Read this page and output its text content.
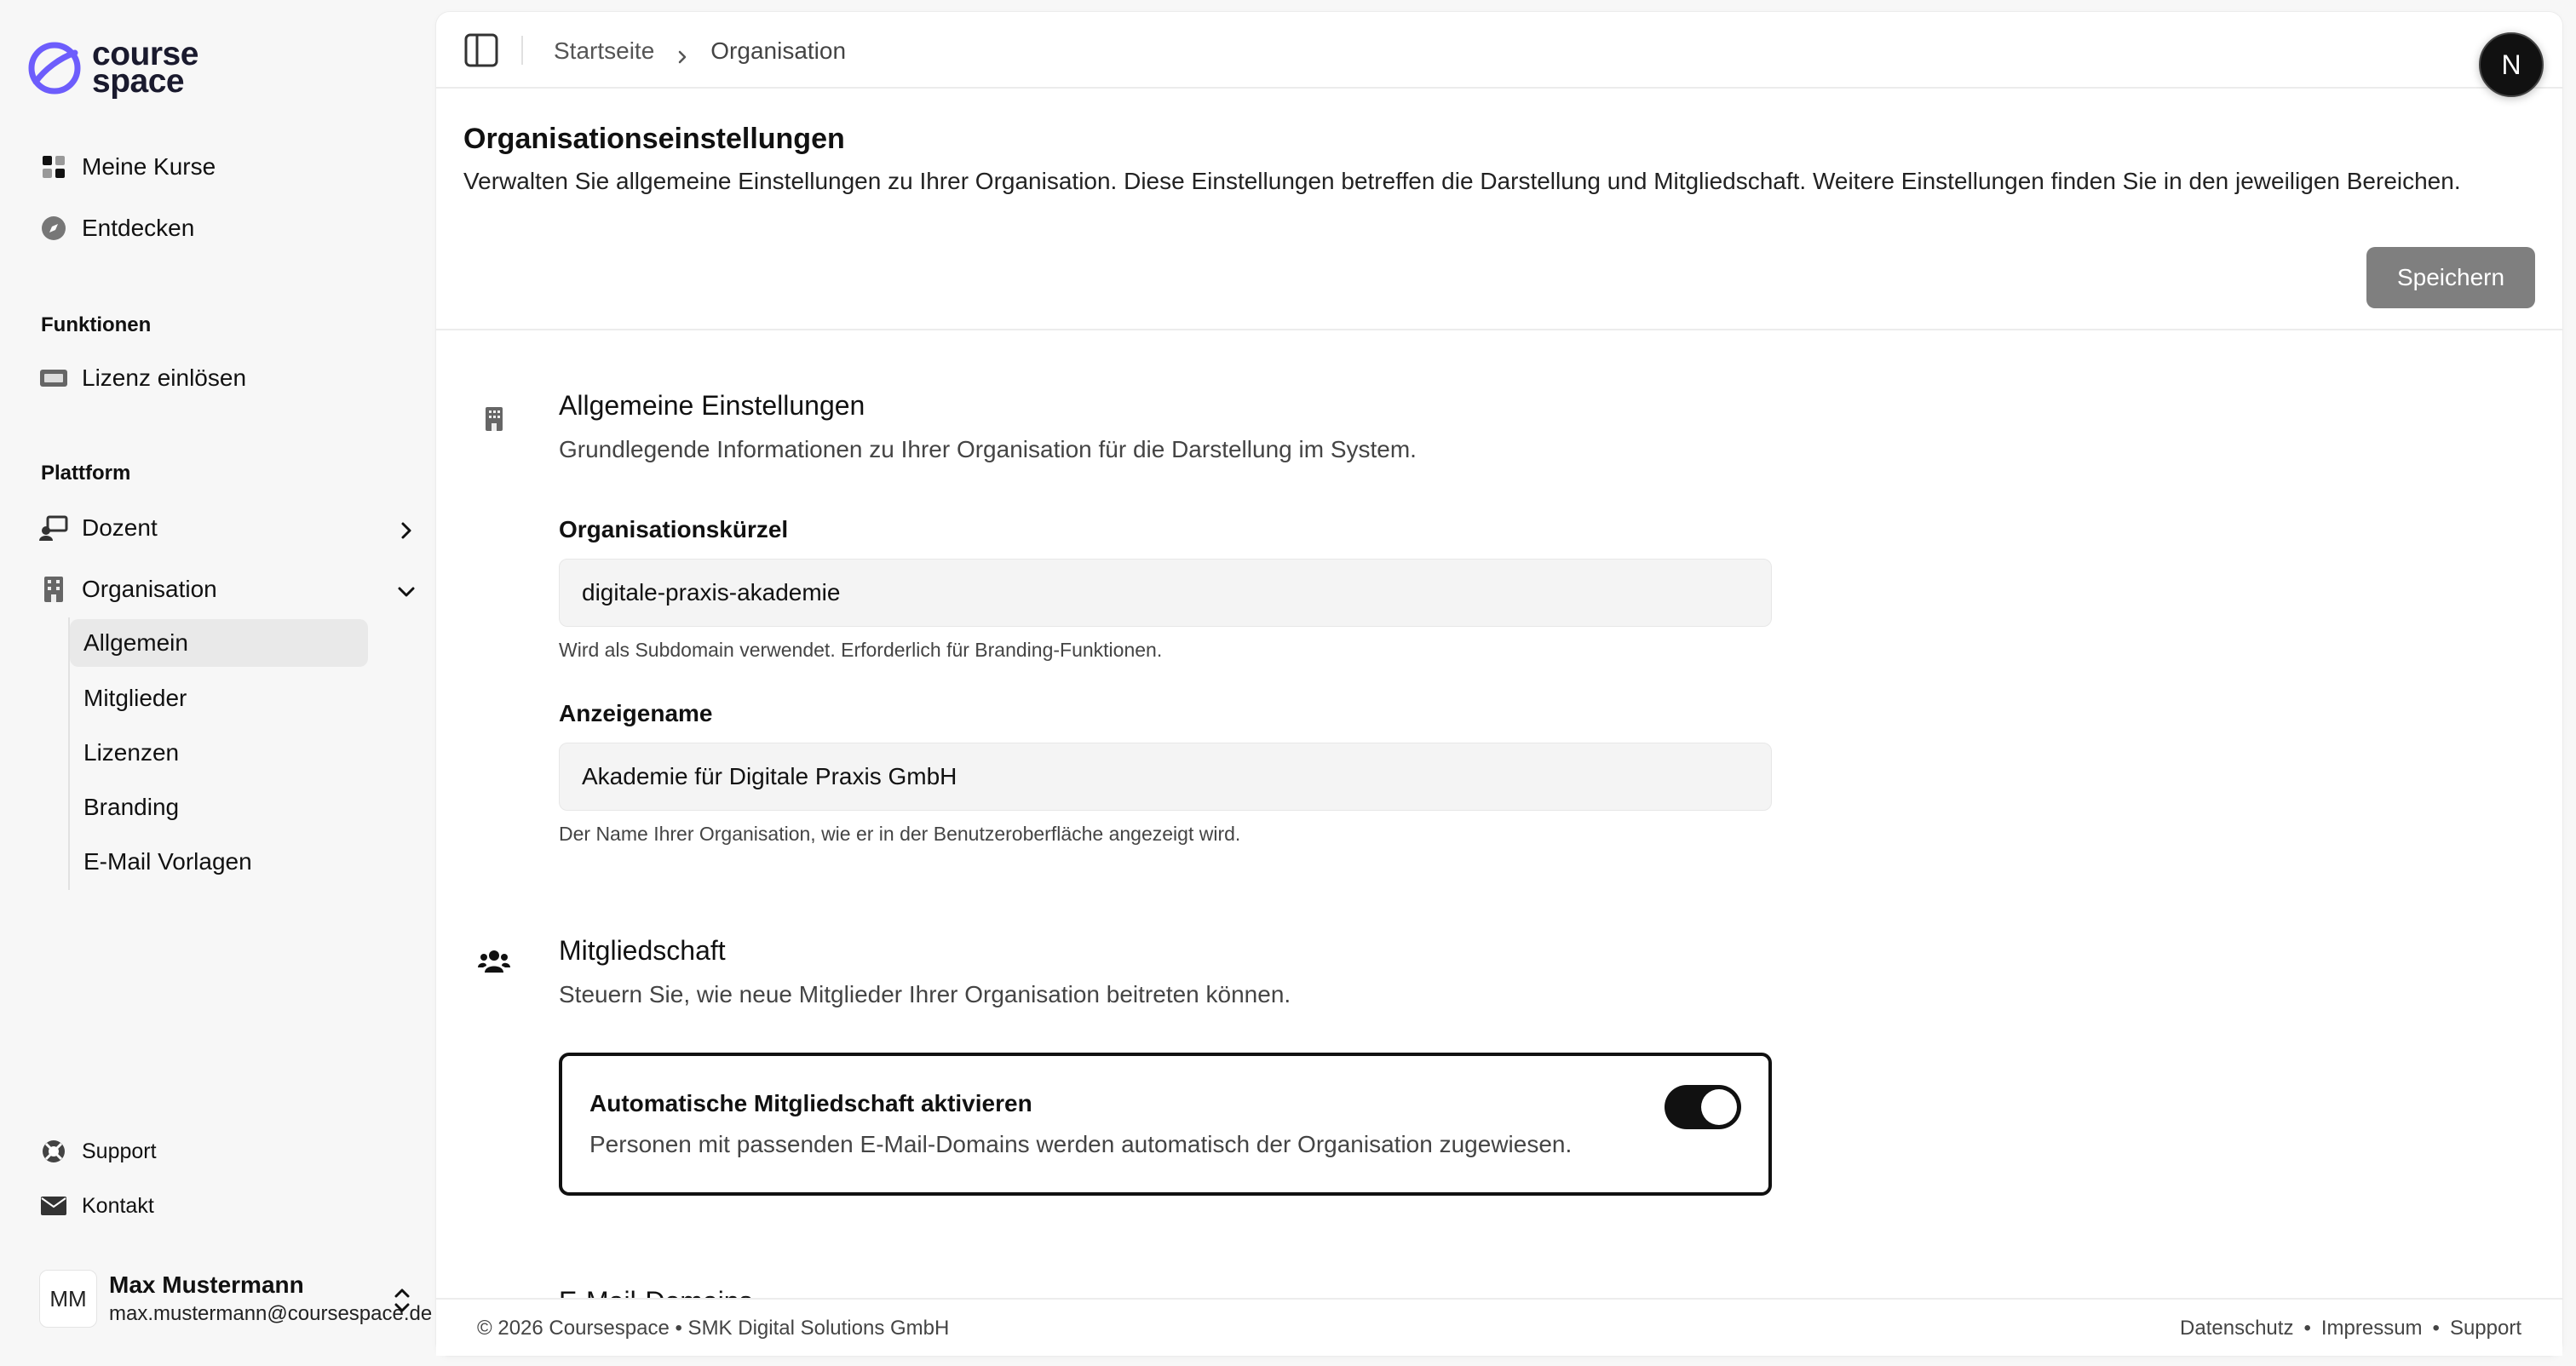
course
space
Meine Kurse
Entdecken
Funktionen
Lizenz einlösen
Plattform
Dozent
Organisation
Allgemein
Mitglieder
Lizenzen
Branding
E-Mail Vorlagen
Support
Kontakt
MM
Max Mustermann
max.mustermann@coursespace.de
Startseite Organisation	N
Organisationseinstellungen

Verwalten Sie allgemeine Einstellungen zu Ihrer Organisation. Diese Einstellungen betreffen die Darstellung und Mitgliedschaft. Weitere Einstellungen finden Sie in den jeweiligen Bereichen.

Speichern
Allgemeine Einstellungen
Grundlegende Informationen zu Ihrer Organisation für die Darstellung im System.
Organisationskürzel
digitale-praxis-akademie
Wird als Subdomain verwendet. Erforderlich für Branding-Funktionen.
Anzeigename
Akademie für Digitale Praxis GmbH
Der Name Ihrer Organisation, wie er in der Benutzeroberfläche angezeigt wird.
Mitgliedschaft
Steuern Sie, wie neue Mitglieder Ihrer Organisation beitreten können.
Automatische Mitgliedschaft aktivieren
Personen mit passenden E-Mail-Domains werden automatisch der Organisation zugewiesen.
© 2026 Coursespace • SMK Digital Solutions GmbH	Datenschutz • Impressum • Support
